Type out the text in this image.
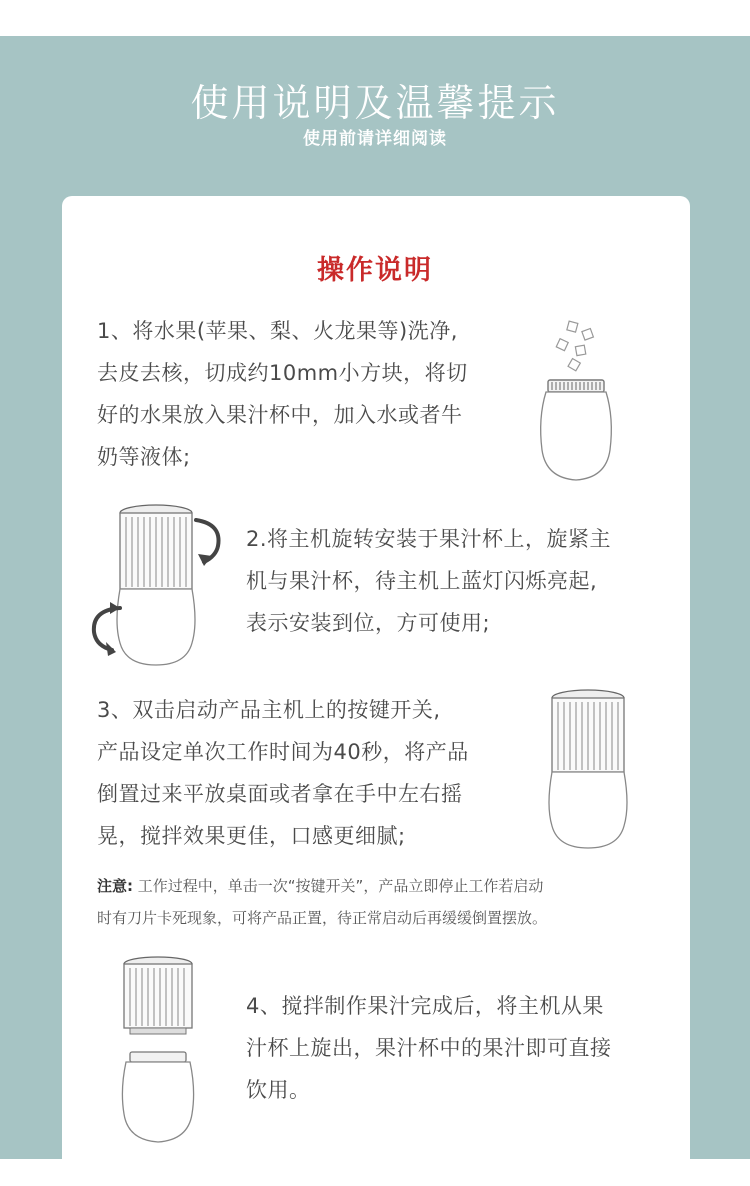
使用说明及温馨提示
使用前请详细阅读
操作说明

1、将水果(苹果、梨、火龙果等)洗净,
去皮去核，切成约10mm小方块，将切
好的水果放入果汁杯中，加入水或者牛
奶等液体;

2.将主机旋转安装于果汁杯上，旋紧主
机与果汁杯，待主机上蓝灯闪烁亮起,
表示安装到位，方可使用;

3、双击启动产品主机上的按键开关,
产品设定单次工作时间为40秒，将产品
倒置过来平放桌面或者拿在手中左右摇
晃，搅拌效果更佳，口感更细腻;

注意: 工作过程中，单击一次“按键开关”，产品立即停止工作若启动
时有刀片卡死现象，可将产品正置，待正常启动后再缓缓倒置摆放。

4、搅拌制作果汁完成后，将主机从果
汁杯上旋出，果汁杯中的果汁即可直接
饮用。
